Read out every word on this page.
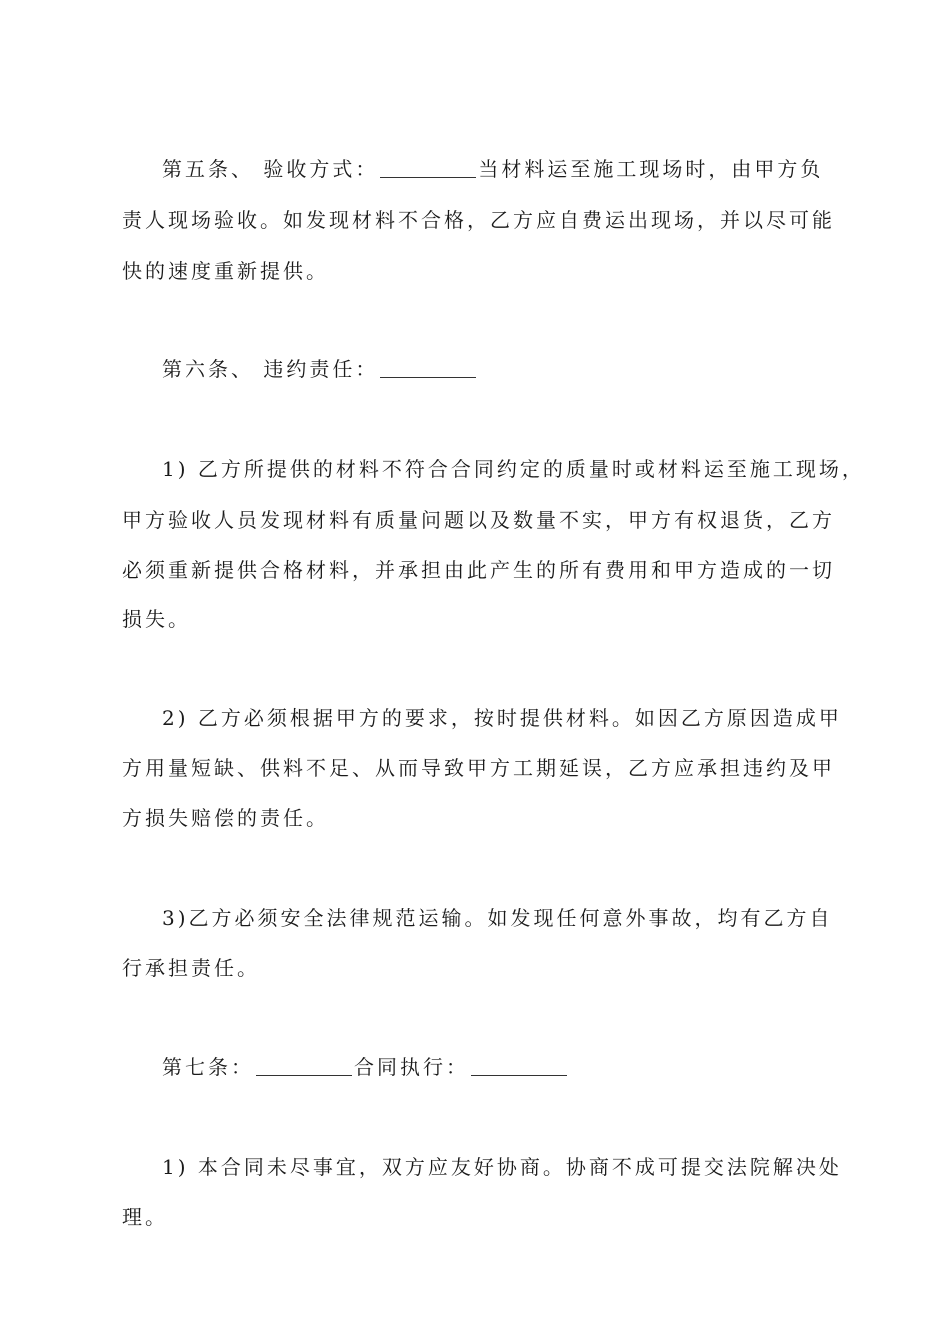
第五条、 验收方式：	当材料运至施工现场时，由甲方负
责人现场验收。如发现材料不合格，乙方应自费运出现场，并以尽可能
快的速度重新提供。
第六条、 违约责任：
1) 乙方所提供的材料不符合合同约定的质量时或材料运至施工现场，
甲方验收人员发现材料有质量问题以及数量不实，甲方有权退货，乙方
必须重新提供合格材料，并承担由此产生的所有费用和甲方造成的一切
损失。
2) 乙方必须根据甲方的要求，按时提供材料。如因乙方原因造成甲
方用量短缺、供料不足、从而导致甲方工期延误，乙方应承担违约及甲
方损失赔偿的责任。
3)乙方必须安全法律规范运输。如发现任何意外事故，均有乙方自
行承担责任。
第七条：	合同执行：
1) 本合同未尽事宜，双方应友好协商。协商不成可提交法院解决处
理。
